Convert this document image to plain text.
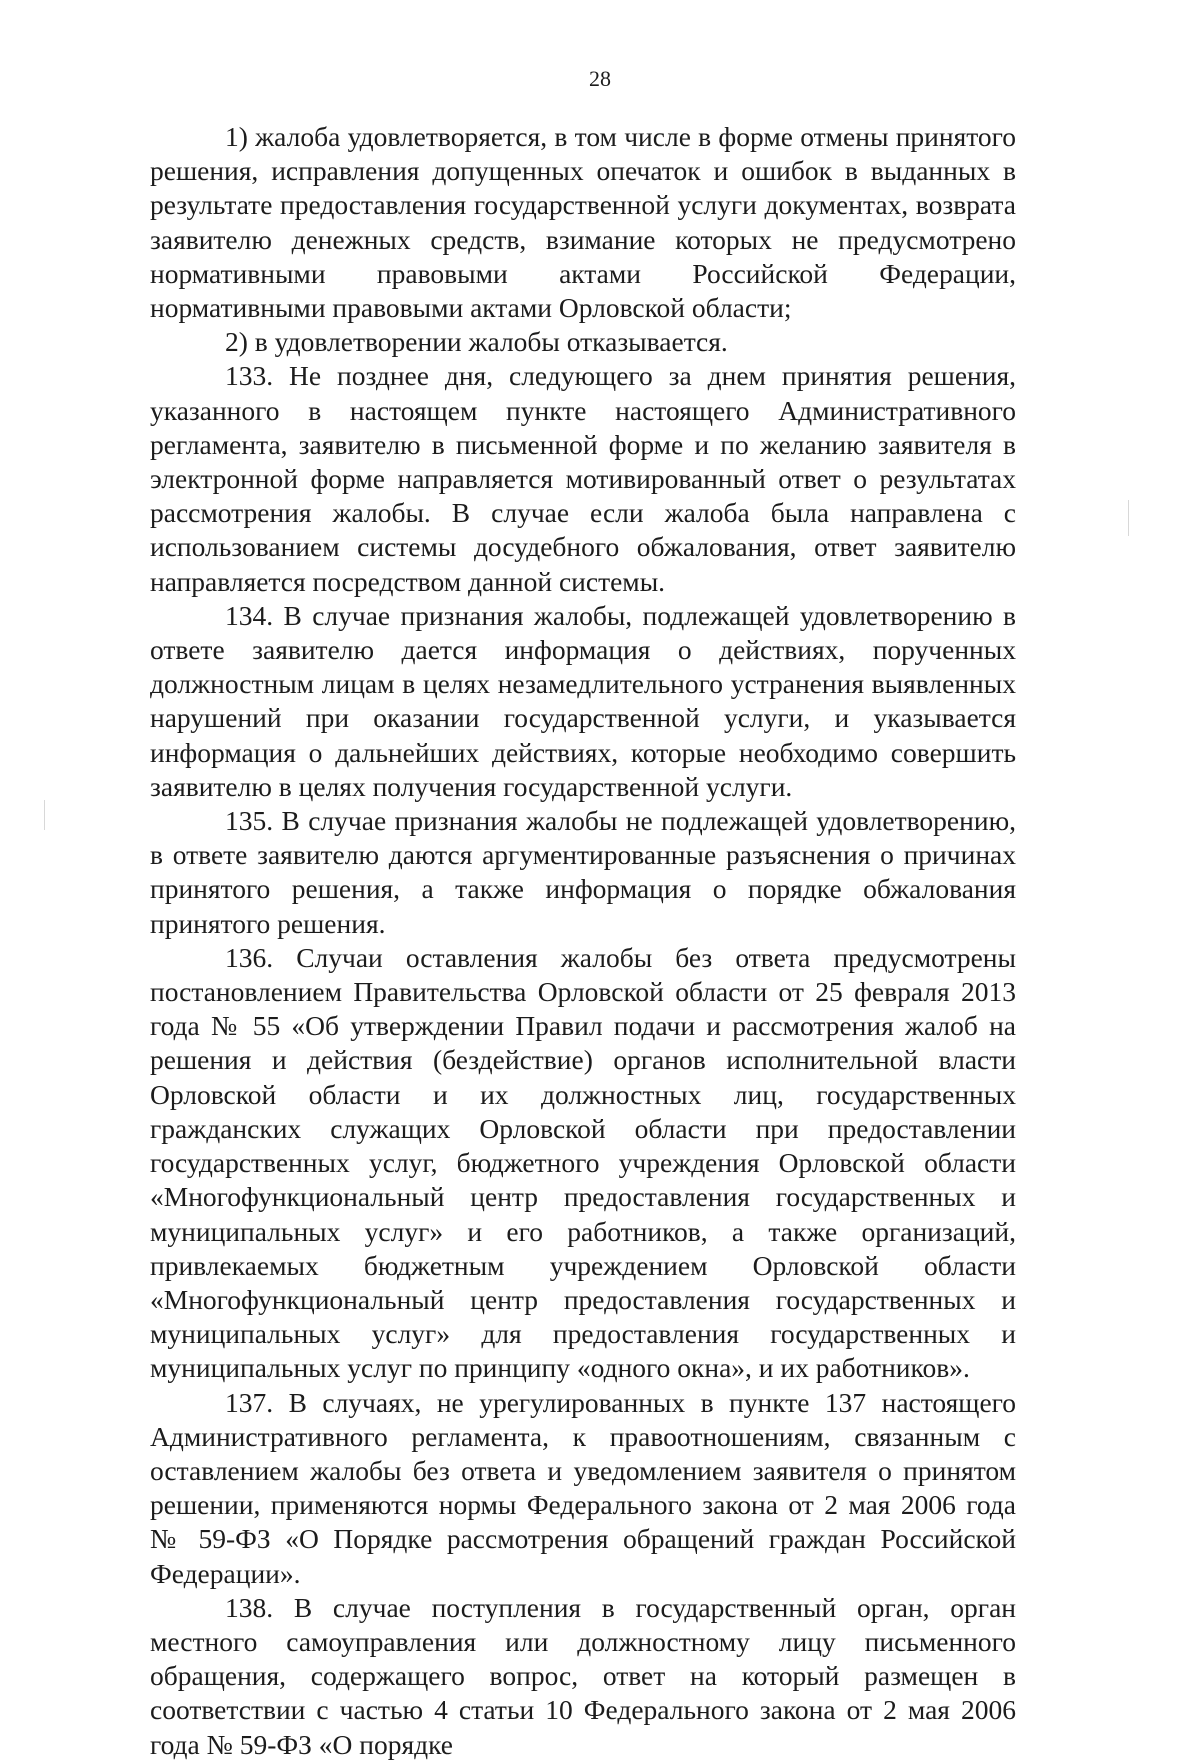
28

1) жалоба удовлетворяется, в том числе в форме отмены принятого решения, исправления допущенных опечаток и ошибок в выданных в результате предоставления государственной услуги документах, возврата заявителю денежных средств, взимание которых не предусмотрено нормативными правовыми актами Российской Федерации, нормативными правовыми актами Орловской области;

2) в удовлетворении жалобы отказывается.

133. Не позднее дня, следующего за днем принятия решения, указанного в настоящем пункте настоящего Административного регламента, заявителю в письменной форме и по желанию заявителя в электронной форме направляется мотивированный ответ о результатах рассмотрения жалобы. В случае если жалоба была направлена с использованием системы досудебного обжалования, ответ заявителю направляется посредством данной системы.

134. В случае признания жалобы, подлежащей удовлетворению в ответе заявителю дается информация о действиях, порученных должностным лицам в целях незамедлительного устранения выявленных нарушений при оказании государственной услуги, и указывается информация о дальнейших действиях, которые необходимо совершить заявителю в целях получения государственной услуги.

135. В случае признания жалобы не подлежащей удовлетворению, в ответе заявителю даются аргументированные разъяснения о причинах принятого решения, а также информация о порядке обжалования принятого решения.

136. Случаи оставления жалобы без ответа предусмотрены постановлением Правительства Орловской области от 25 февраля 2013 года № 55 «Об утверждении Правил подачи и рассмотрения жалоб на решения и действия (бездействие) органов исполнительной власти Орловской области и их должностных лиц, государственных гражданских служащих Орловской области при предоставлении государственных услуг, бюджетного учреждения Орловской области «Многофункциональный центр предоставления государственных и муниципальных услуг» и его работников, а также организаций, привлекаемых бюджетным учреждением Орловской области «Многофункциональный центр предоставления государственных и муниципальных услуг» для предоставления государственных и муниципальных услуг по принципу «одного окна», и их работников».

137. В случаях, не урегулированных в пункте 137 настоящего Административного регламента, к правоотношениям, связанным с оставлением жалобы без ответа и уведомлением заявителя о принятом решении, применяются нормы Федерального закона от 2 мая 2006 года № 59-ФЗ «О Порядке рассмотрения обращений граждан Российской Федерации».

138. В случае поступления в государственный орган, орган местного самоуправления или должностному лицу письменного обращения, содержащего вопрос, ответ на который размещен в соответствии с частью 4 статьи 10 Федерального закона от 2 мая 2006 года № 59-ФЗ «О порядке
